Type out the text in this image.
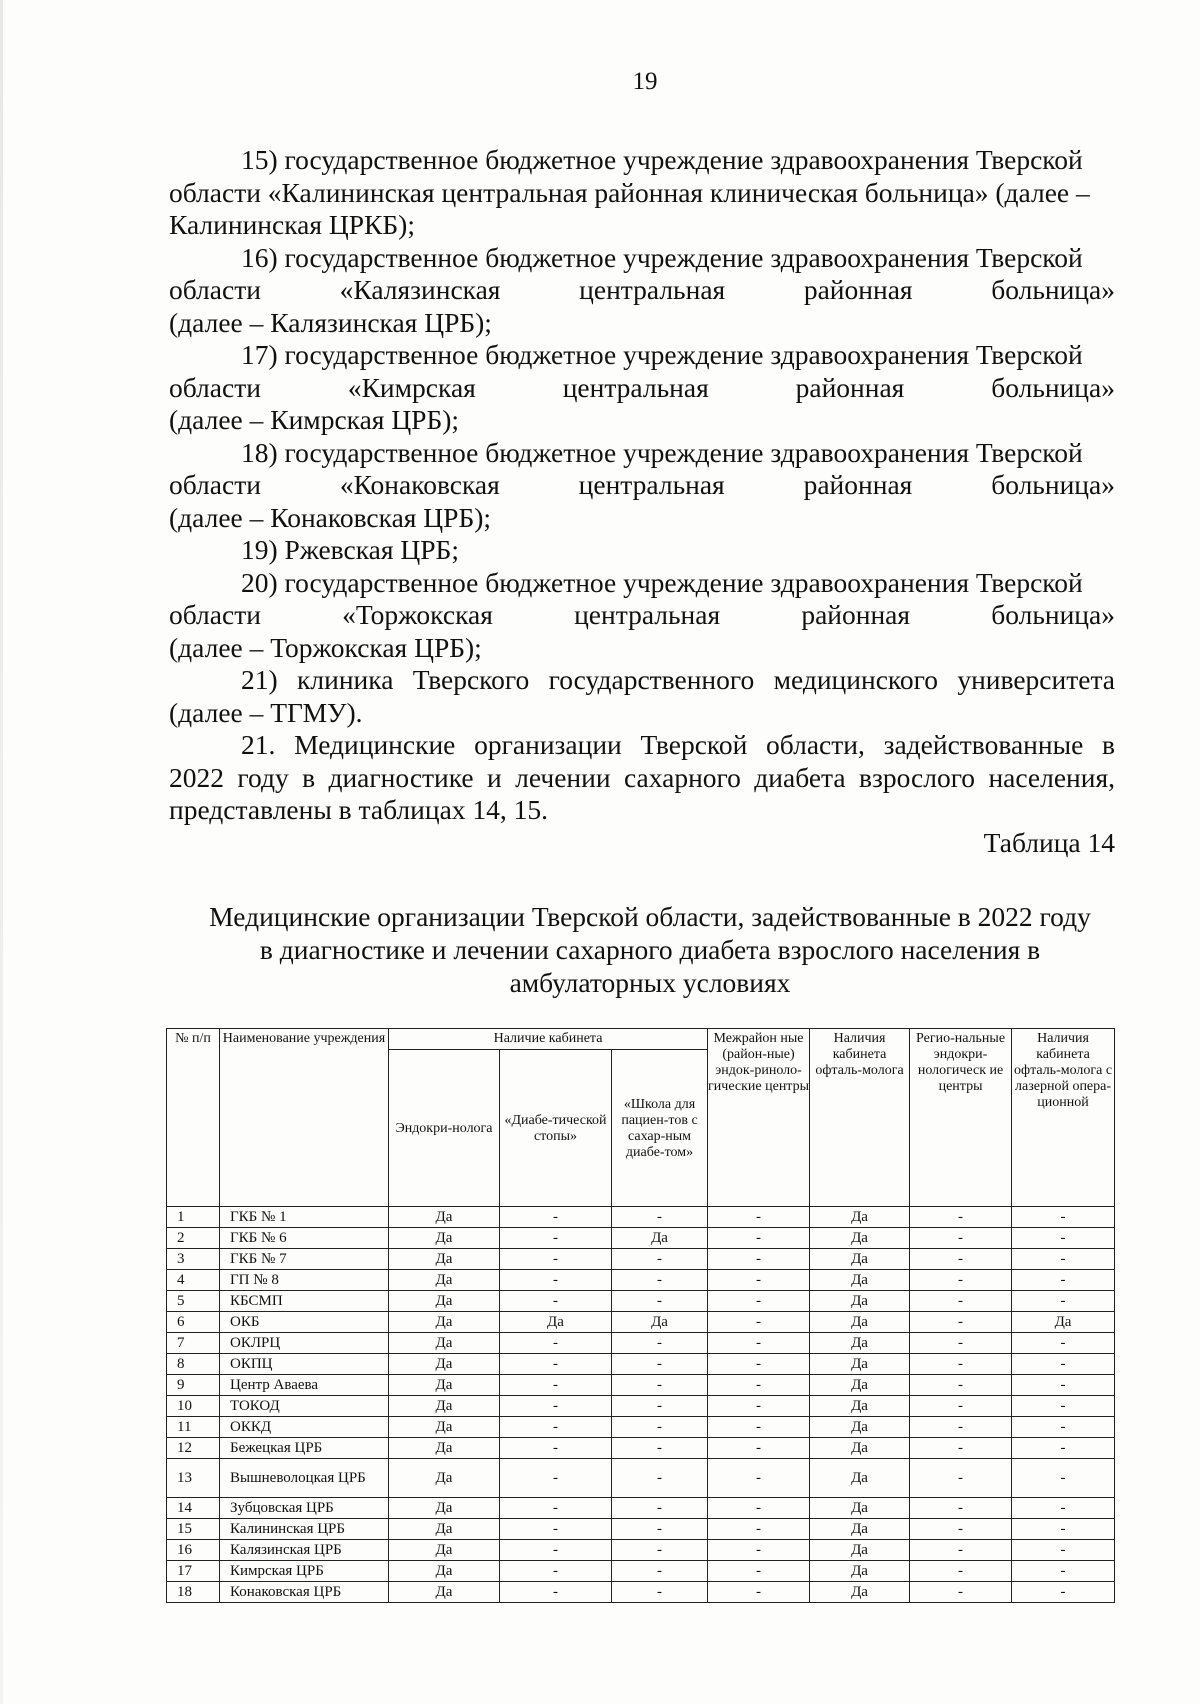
19

15) государственное бюджетное учреждение здравоохранения Тверской

области «Калининская центральная районная клиническая больница» (далее –

Калининская ЦРКБ);

16) государственное бюджетное учреждение здравоохранения Тверской

области	«Калязинская	центральная	районная	больница»

(далее – Калязинская ЦРБ);

17) государственное бюджетное учреждение здравоохранения Тверской

области	«Кимрская	центральная	районная	больница»

(далее – Кимрская ЦРБ);

18) государственное бюджетное учреждение здравоохранения Тверской

области	«Конаковская	центральная	районная	больница»

(далее – Конаковская ЦРБ);

19) Ржевская ЦРБ;

20) государственное бюджетное учреждение здравоохранения Тверской

области	«Торжокская	центральная	районная	больница»

(далее – Торжокская ЦРБ);

21) клиника Тверского государственного медицинского университета

(далее – ТГМУ).

21. Медицинские организации Тверской области, задействованные в

2022 году в диагностике и лечении сахарного диабета взрослого населения,

представлены в таблицах 14, 15.

Таблица 14

Медицинские организации Тверской области, задействованные в 2022 году
в диагностике и лечении сахарного диабета взрослого населения в
амбулаторных условиях
№ п/п	Наименование учреждения	Наличие кабинета			Межрайон ные (район-ные) эндок-риноло-гические центры	Наличия кабинета офталь-молога	Регио-нальные эндокри-нологическ ие центры	Наличия кабинета офталь-молога с лазерной опера-ционной
		Эндокри-нолога	«Диабе-тической стопы»	«Школа для пациен-тов с сахар-ным диабе-том»				
1	ГКБ № 1	Да	-	-	-	Да	-	-
2	ГКБ № 6	Да	-	Да	-	Да	-	-
3	ГКБ № 7	Да	-	-	-	Да	-	-
4	ГП № 8	Да	-	-	-	Да	-	-
5	КБСМП	Да	-	-	-	Да	-	-
6	ОКБ	Да	Да	Да	-	Да	-	Да
7	ОКЛРЦ	Да	-	-	-	Да	-	-
8	ОКПЦ	Да	-	-	-	Да	-	-
9	Центр Аваева	Да	-	-	-	Да	-	-
10	ТОКОД	Да	-	-	-	Да	-	-
11	ОККД	Да	-	-	-	Да	-	-
12	Бежецкая ЦРБ	Да	-	-	-	Да	-	-
13	Вышневолоцкая ЦРБ	Да	-	-	-	Да	-	-
14	Зубцовская ЦРБ	Да	-	-	-	Да	-	-
15	Калининская ЦРБ	Да	-	-	-	Да	-	-
16	Калязинская ЦРБ	Да	-	-	-	Да	-	-
17	Кимрская ЦРБ	Да	-	-	-	Да	-	-
18	Конаковская ЦРБ	Да	-	-	-	Да	-	-
